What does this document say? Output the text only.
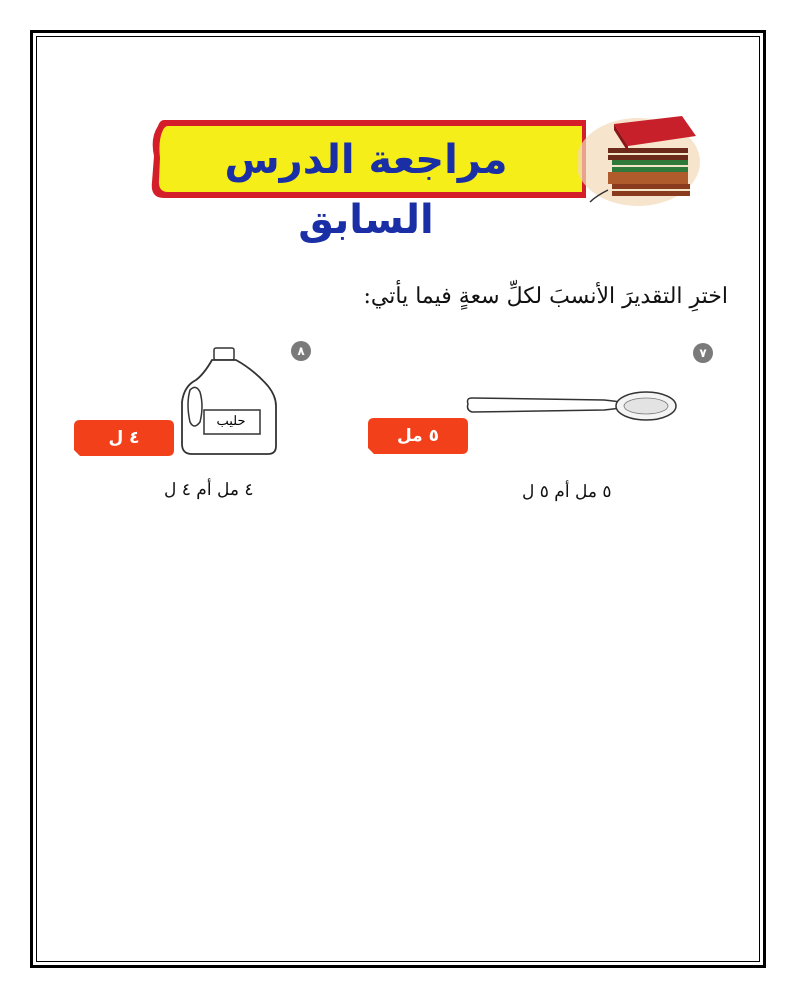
مراجعة الدرس السابق

اخترِ التقديرَ الأنسبَ لكلِّ سعةٍ فيما يأتي:

٧
٥ مل

٥ مل أم ٥ ل

٨

حليب

٤ ل

٤ مل أم ٤ ل
